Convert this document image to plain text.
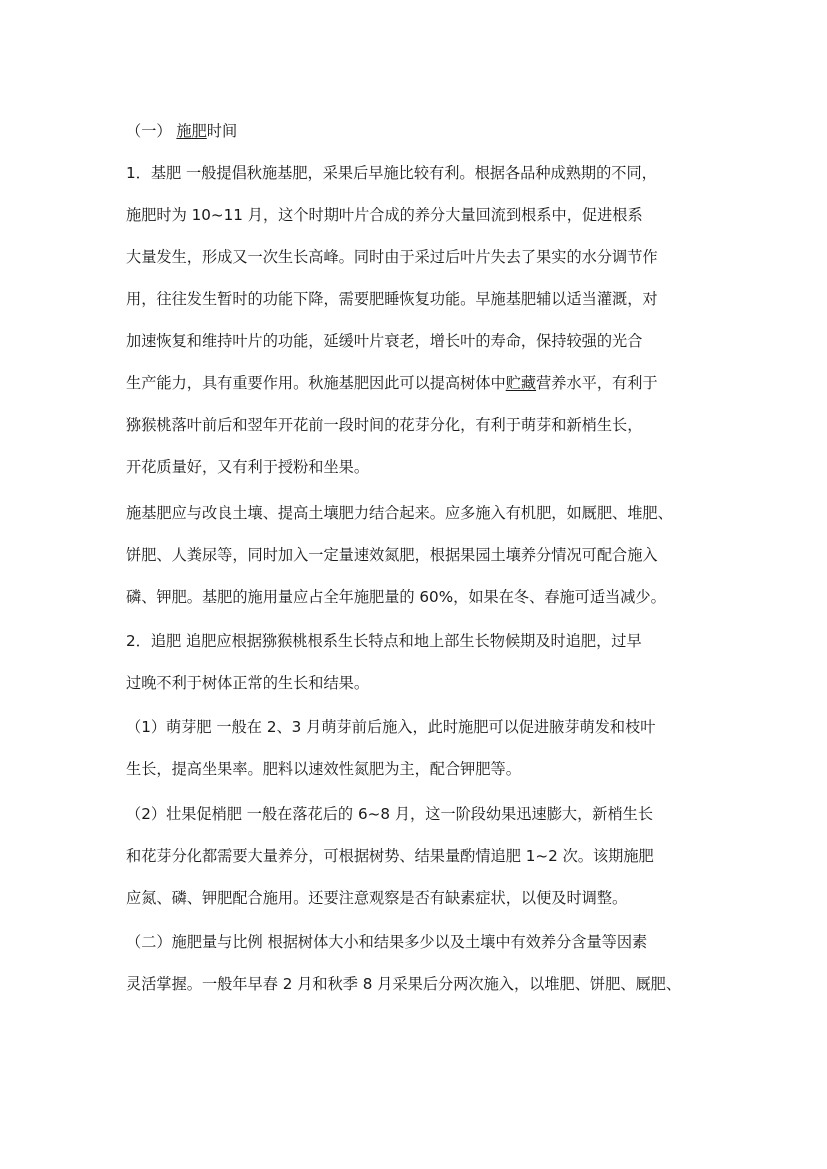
（一） 施肥时间
1．基肥 一般提倡秋施基肥，采果后早施比较有利。根据各品种成熟期的不同，
施肥时为 10~11 月，这个时期叶片合成的养分大量回流到根系中，促进根系
大量发生，形成又一次生长高峰。同时由于采过后叶片失去了果实的水分调节作
用，往往发生暂时的功能下降，需要肥睡恢复功能。早施基肥辅以适当灌溉，对
加速恢复和维持叶片的功能，延缓叶片衰老，增长叶的寿命，保持较强的光合
生产能力，具有重要作用。秋施基肥因此可以提高树体中贮藏营养水平，有利于
猕猴桃落叶前后和翌年开花前一段时间的花芽分化，有利于萌芽和新梢生长，
开花质量好，又有利于授粉和坐果。
施基肥应与改良土壤、提高土壤肥力结合起来。应多施入有机肥，如厩肥、堆肥、
饼肥、人粪尿等，同时加入一定量速效氮肥，根据果园土壤养分情况可配合施入
磷、钾肥。基肥的施用量应占全年施肥量的 60%，如果在冬、春施可适当减少。
2．追肥 追肥应根据猕猴桃根系生长特点和地上部生长物候期及时追肥，过早
过晚不利于树体正常的生长和结果。
（1）萌芽肥 一般在 2、3 月萌芽前后施入，此时施肥可以促进腋芽萌发和枝叶
生长，提高坐果率。肥料以速效性氮肥为主，配合钾肥等。
（2）壮果促梢肥 一般在落花后的 6~8 月，这一阶段幼果迅速膨大，新梢生长
和花芽分化都需要大量养分，可根据树势、结果量酌情追肥 1~2 次。该期施肥
应氮、磷、钾肥配合施用。还要注意观察是否有缺素症状，以便及时调整。
（二）施肥量与比例 根据树体大小和结果多少以及土壤中有效养分含量等因素
灵活掌握。一般年早春 2 月和秋季 8 月采果后分两次施入，以堆肥、饼肥、厩肥、
